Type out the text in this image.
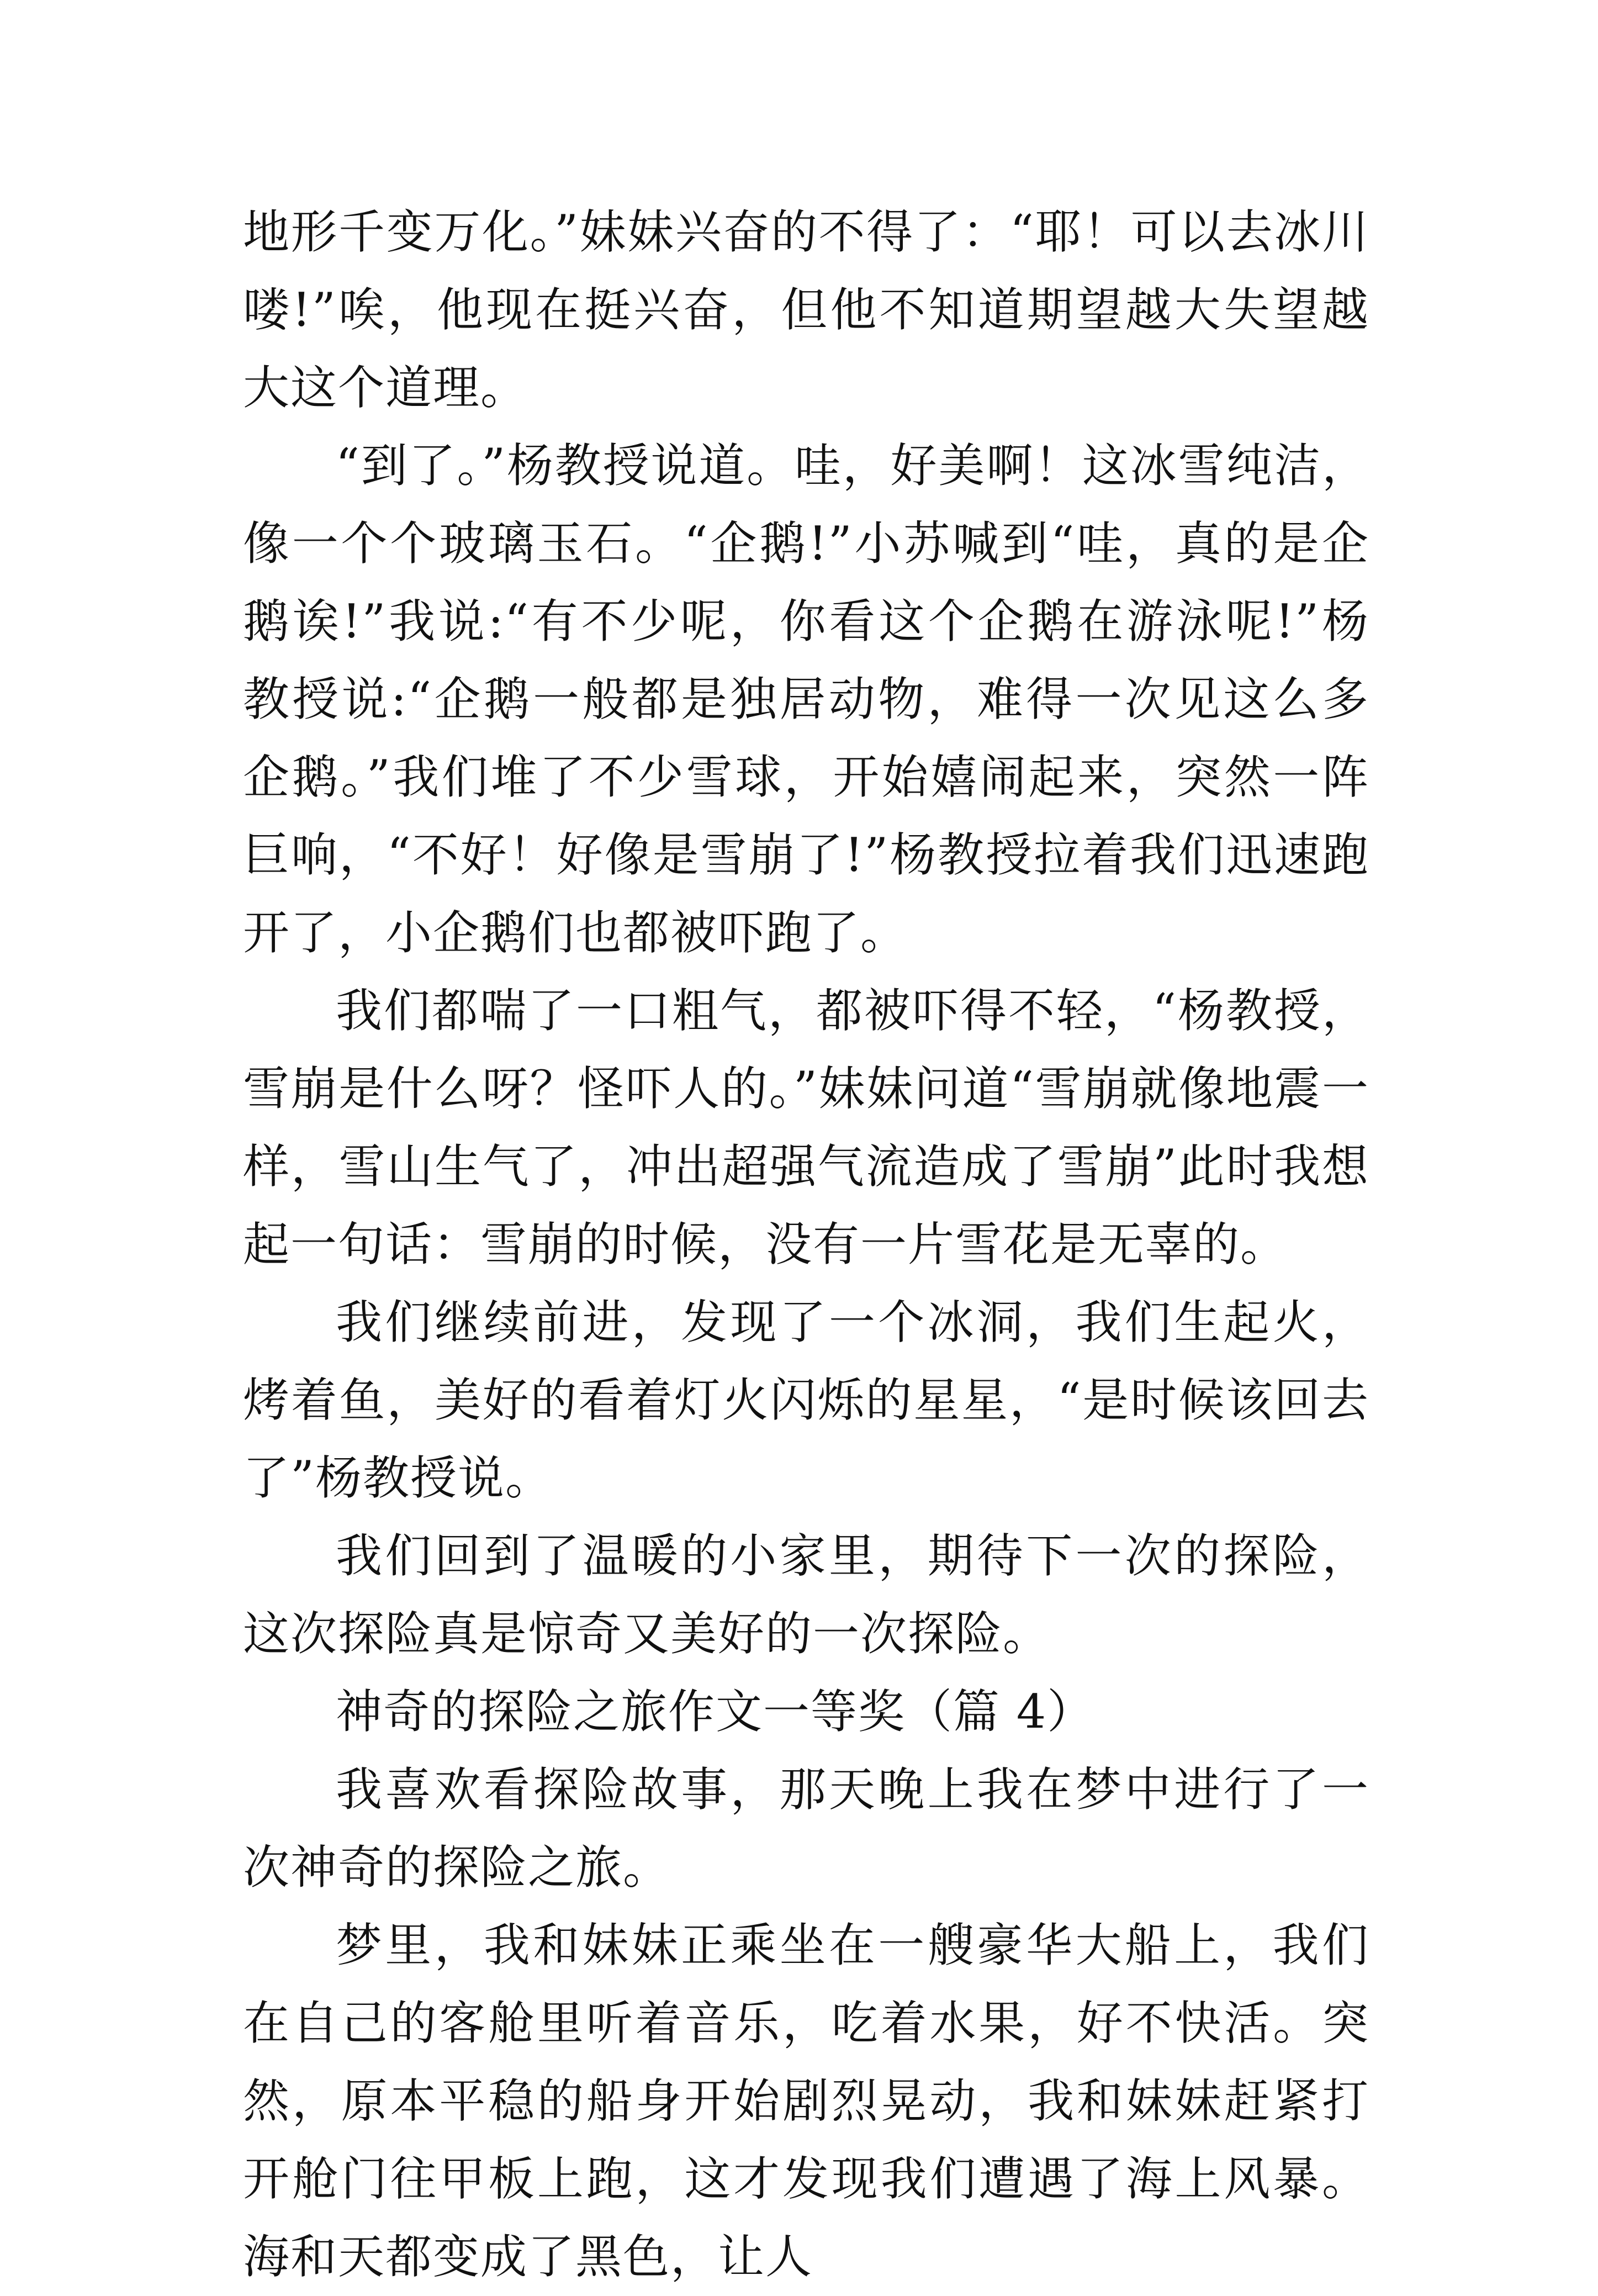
地形千变万化。”妹妹兴奋的不得了：“耶！可以去冰川喽!”唉，他现在挺兴奋，但他不知道期望越大失望越大这个道理。

“到了。”杨教授说道。哇，好美啊！这冰雪纯洁，像一个个玻璃玉石。“企鹅!”小苏喊到“哇，真的是企鹅诶!”我说:“有不少呢，你看这个企鹅在游泳呢!”杨教授说:“企鹅一般都是独居动物，难得一次见这么多企鹅。”我们堆了不少雪球，开始嬉闹起来，突然一阵巨响，“不好！好像是雪崩了!”杨教授拉着我们迅速跑开了，小企鹅们也都被吓跑了。

我们都喘了一口粗气，都被吓得不轻，“杨教授，雪崩是什么呀？怪吓人的。”妹妹问道“雪崩就像地震一样，雪山生气了，冲出超强气流造成了雪崩”此时我想起一句话：雪崩的时候，没有一片雪花是无辜的。

我们继续前进，发现了一个冰洞，我们生起火，烤着鱼，美好的看着灯火闪烁的星星，“是时候该回去了”杨教授说。

我们回到了温暖的小家里，期待下一次的探险，这次探险真是惊奇又美好的一次探险。

神奇的探险之旅作文一等奖（篇 4）

我喜欢看探险故事，那天晚上我在梦中进行了一次神奇的探险之旅。

梦里，我和妹妹正乘坐在一艘豪华大船上，我们在自己的客舱里听着音乐，吃着水果，好不快活。突然，原本平稳的船身开始剧烈晃动，我和妹妹赶紧打开舱门往甲板上跑，这才发现我们遭遇了海上风暴。海和天都变成了黑色，让人
